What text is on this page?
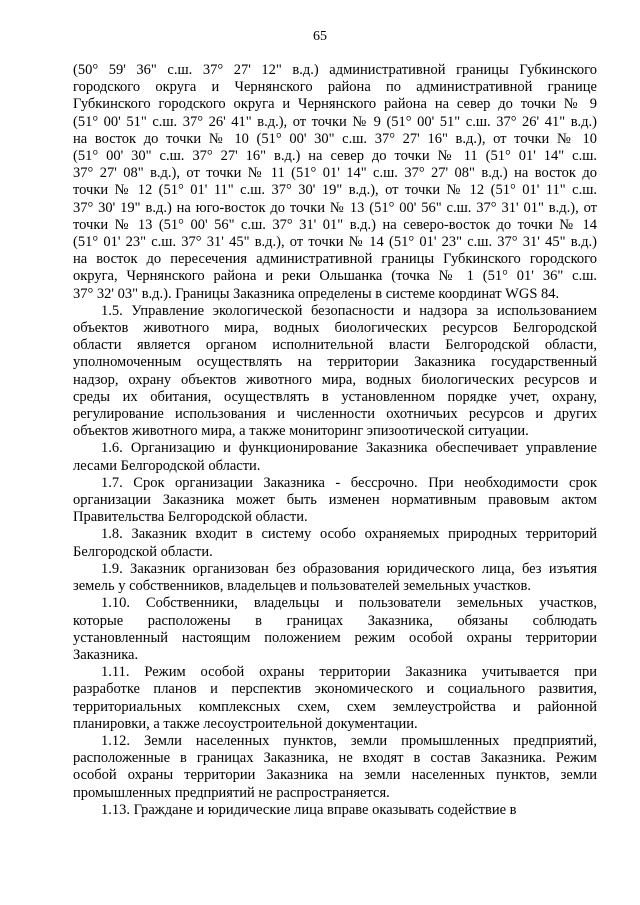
65

(50° 59' 36" с.ш. 37° 27' 12" в.д.) административной границы Губкинского
городского округа и Чернянского района по административной границе
Губкинского городского округа и Чернянского района на север до точки № 9
(51° 00' 51" с.ш. 37° 26' 41" в.д.), от точки № 9 (51° 00' 51" с.ш. 37° 26' 41" в.д.)
на восток до точки № 10 (51° 00' 30" с.ш. 37° 27' 16" в.д.), от точки № 10
(51° 00' 30" с.ш. 37° 27' 16" в.д.) на север до точки № 11 (51° 01' 14" с.ш.
37° 27' 08" в.д.), от точки № 11 (51° 01' 14" с.ш. 37° 27' 08" в.д.) на восток до
точки № 12 (51° 01' 11" с.ш. 37° 30' 19" в.д.), от точки № 12 (51° 01' 11" с.ш.
37° 30' 19" в.д.) на юго-восток до точки № 13 (51° 00' 56" с.ш. 37° 31' 01" в.д.), от
точки № 13 (51° 00' 56" с.ш. 37° 31' 01" в.д.) на северо-восток до точки № 14
(51° 01' 23" с.ш. 37° 31' 45" в.д.), от точки № 14 (51° 01' 23" с.ш. 37° 31' 45" в.д.)
на восток до пересечения административной границы Губкинского городского
округа, Чернянского района и реки Ольшанка (точка № 1 (51° 01' 36" с.ш.
37° 32' 03" в.д.). Границы Заказника определены в системе координат WGS 84.

1.5. Управление экологической безопасности и надзора за использованием
объектов животного мира, водных биологических ресурсов Белгородской
области является органом исполнительной власти Белгородской области,
уполномоченным осуществлять на территории Заказника государственный
надзор, охрану объектов животного мира, водных биологических ресурсов и
среды их обитания, осуществлять в установленном порядке учет, охрану,
регулирование использования и численности охотничьих ресурсов и других
объектов животного мира, а также мониторинг эпизоотической ситуации.

1.6. Организацию и функционирование Заказника обеспечивает управление
лесами Белгородской области.

1.7. Срок организации Заказника - бессрочно. При необходимости срок
организации Заказника может быть изменен нормативным правовым актом
Правительства Белгородской области.

1.8. Заказник входит в систему особо охраняемых природных территорий
Белгородской области.

1.9. Заказник организован без образования юридического лица, без изъятия
земель у собственников, владельцев и пользователей земельных участков.

1.10. Собственники, владельцы и пользователи земельных участков,
которые расположены в границах Заказника, обязаны соблюдать
установленный настоящим положением режим особой охраны территории
Заказника.

1.11. Режим особой охраны территории Заказника учитывается при
разработке планов и перспектив экономического и социального развития,
территориальных комплексных схем, схем землеустройства и районной
планировки, а также лесоустроительной документации.

1.12. Земли населенных пунктов, земли промышленных предприятий,
расположенные в границах Заказника, не входят в состав Заказника. Режим
особой охраны территории Заказника на земли населенных пунктов, земли
промышленных предприятий не распространяется.

1.13. Граждане и юридические лица вправе оказывать содействие в
